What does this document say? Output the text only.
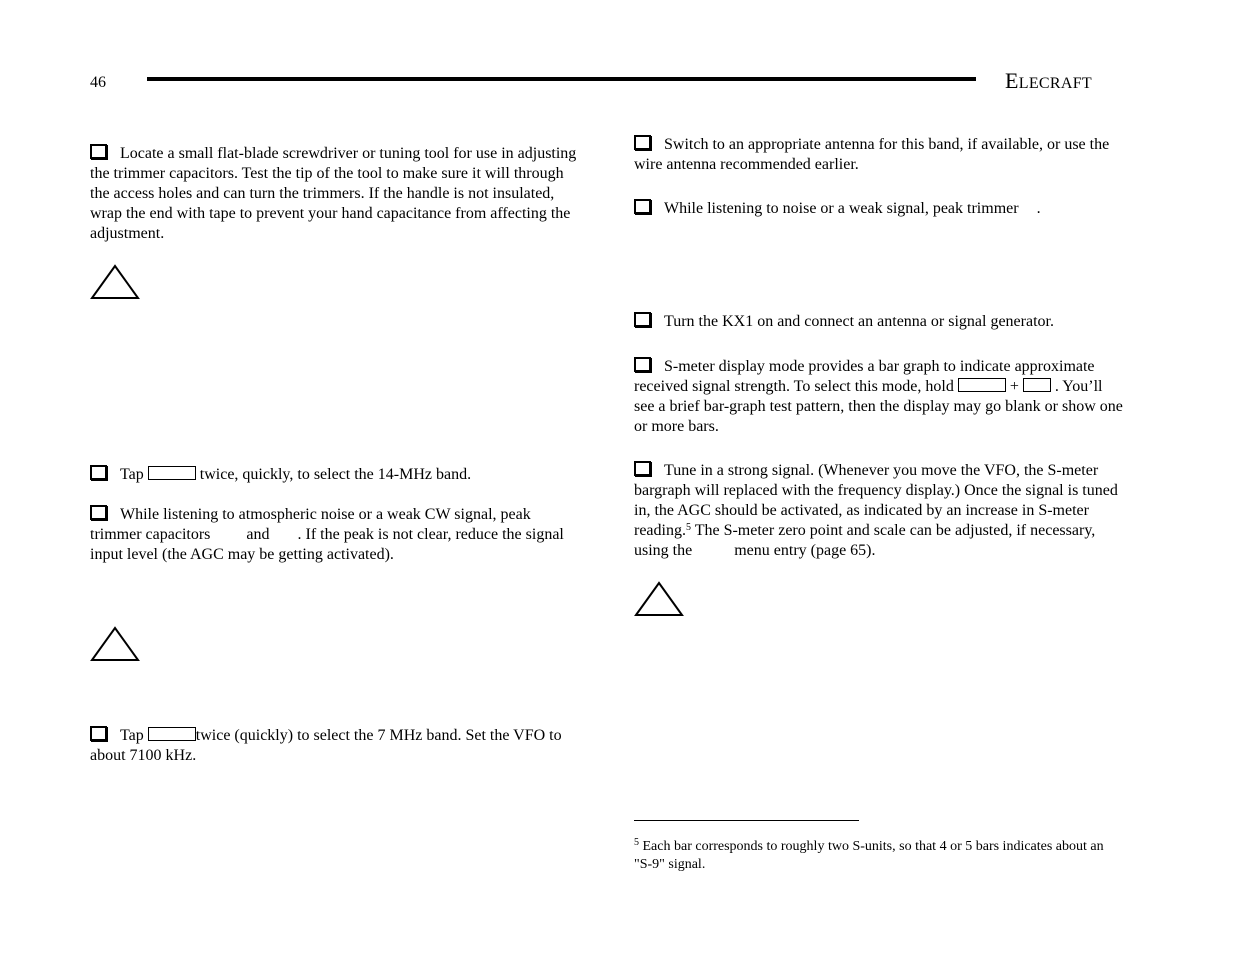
46	ELECRAFT
Locate a small flat-blade screwdriver or tuning tool for use in adjusting the trimmer capacitors. Test the tip of the tool to make sure it will through the access holes and can turn the trimmers. If the handle is not insulated, wrap the end with tape to prevent your hand capacitance from affecting the adjustment.
Tap	twice, quickly, to select the 14-MHz band.
While listening to atmospheric noise or a weak CW signal, peak trimmer capacitors and . If the peak is not clear, reduce the signal input level (the AGC may be getting activated).
Tap	twice (quickly) to select the 7 MHz band. Set the VFO to about 7100 kHz.
Switch to an appropriate antenna for this band, if available, or use the wire antenna recommended earlier.
While listening to noise or a weak signal, peak trimmer .
Turn the KX1 on and connect an antenna or signal generator.
S-meter display mode provides a bar graph to indicate approximate received signal strength. To select this mode, hold	+ . You’ll see a brief bar-graph test pattern, then the display may go blank or show one or more bars.
Tune in a strong signal. (Whenever you move the VFO, the S-meter bargraph will replaced with the frequency display.) Once the signal is tuned in, the AGC should be activated, as indicated by an increase in S-meter reading.$^5$ The S-meter zero point and scale can be adjusted, if necessary, using the	menu entry (page 65).
$^5$ Each bar corresponds to roughly two S-units, so that 4 or 5 bars indicates about an "S-9" signal.
